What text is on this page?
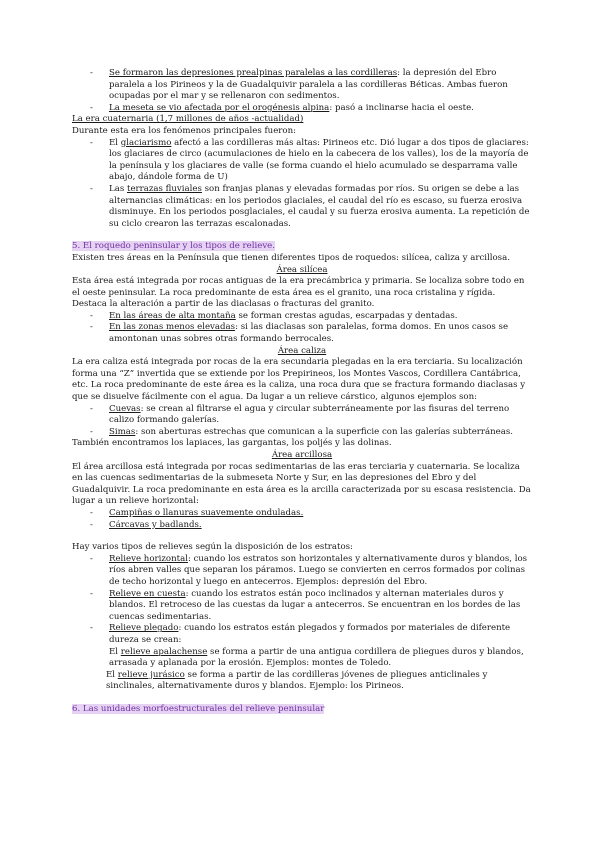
- Se formaron las depresiones prealpinas paralelas a las cordilleras: la depresión del Ebro paralela a los Pirineos y la de Guadalquivir paralela a las cordilleras Béticas. Ambas fueron ocupadas por el mar y se rellenaron con sedimentos.
- La meseta se vio afectada por el orogénesis alpina: pasó a inclinarse hacia el oeste.

La era cuaternaria (1,7 millones de años -actualidad)

Durante esta era los fenómenos principales fueron:

- El glaciarismo afectó a las cordilleras más altas: Pirineos etc. Dió lugar a dos tipos de glaciares: los glaciares de circo (acumulaciones de hielo en la cabecera de los valles), los de la mayoría de la península y los glaciares de valle (se forma cuando el hielo acumulado se desparrama valle abajo, dándole forma de U)
- Las terrazas fluviales son franjas planas y elevadas formadas por ríos. Su origen se debe a las alternancias climáticas: en los periodos glaciales, el caudal del río es escaso, su fuerza erosiva disminuye. En los periodos posglaciales, el caudal y su fuerza erosiva aumenta. La repetición de su ciclo crearon las terrazas escalonadas.

5. El roquedo peninsular y los tipos de relieve.

Existen tres áreas en la Península que tienen diferentes tipos de roquedos: silícea, caliza y arcillosa.

Área silícea

Esta área está integrada por rocas antiguas de la era precámbrica y primaria. Se localiza sobre todo en el oeste peninsular. La roca predominante de esta área es el granito, una roca cristalina y rígida. Destaca la alteración a partir de las diaclasas o fracturas del granito.

- En las áreas de alta montaña se forman crestas agudas, escarpadas y dentadas.
- En las zonas menos elevadas: si las diaclasas son paralelas, forma domos. En unos casos se amontonan unas sobres otras formando berrocales.

Área caliza

La era caliza está integrada por rocas de la era secundaria plegadas en la era terciaria. Su localización forma una “Z” invertida que se extiende por los Prepirineos, los Montes Vascos, Cordillera Cantábrica, etc. La roca predominante de este área es la caliza, una roca dura que se fractura formando diaclasas y que se disuelve fácilmente con el agua. Da lugar a un relieve cárstico, algunos ejemplos son:

- Cuevas: se crean al filtrarse el agua y circular subterráneamente por las fisuras del terreno calizo formando galerías.
- Simas: son aberturas estrechas que comunican a la superficie con las galerías subterráneas.

También encontramos los lapiaces, las gargantas, los poljés y las dolinas.

Área arcillosa

El área arcillosa está integrada por rocas sedimentarias de las eras terciaria y cuaternaria. Se localiza en las cuencas sedimentarias de la submeseta Norte y Sur, en las depresiones del Ebro y del Guadalquivir. La roca predominante en esta área es la arcilla caracterizada por su escasa resistencia. Da lugar a un relieve horizontal:

- Campiñas o llanuras suavemente onduladas.
- Cárcavas y badlands.

Hay varios tipos de relieves según la disposición de los estratos:

- Relieve horizontal: cuando los estratos son horizontales y alternativamente duros y blandos, los ríos abren valles que separan los páramos. Luego se convierten en cerros formados por colinas de techo horizontal y luego en antecerros. Ejemplos: depresión del Ebro.
- Relieve en cuesta: cuando los estratos están poco inclinados y alternan materiales duros y blandos. El retroceso de las cuestas da lugar a antecerros. Se encuentran en los bordes de las cuencas sedimentarias.
- Relieve plegado: cuando los estratos están plegados y formados por materiales de diferente dureza se crean:

El relieve apalachense se forma a partir de una antigua cordillera de pliegues duros y blandos, arrasada y aplanada por la erosión. Ejemplos: montes de Toledo.

El relieve jurásico se forma a partir de las cordilleras jóvenes de pliegues anticlinales y sinclinales, alternativamente duros y blandos. Ejemplo: los Pirineos.

6. Las unidades morfoestructurales del relieve peninsular
